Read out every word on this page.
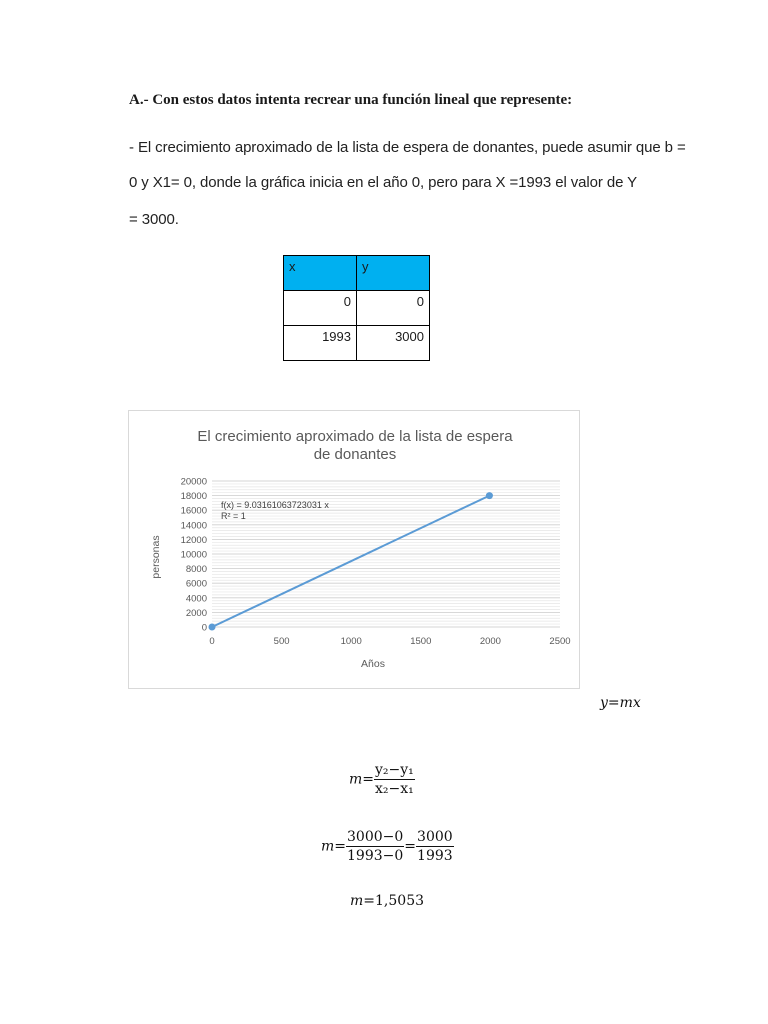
A.- Con estos datos intenta recrear una función lineal que represente:
- El crecimiento aproximado de la lista de espera de donantes, puede asumir que b =
0 y X1= 0, donde la gráfica inicia en el año 0, pero para X =1993 el valor de Y
= 3000.
x	y
0	0
1993	3000
El crecimiento aproximado de la lista de espera
de donantes
0
2000
4000
6000
8000
10000
12000
14000
16000
18000
20000
0	500	1000	1500	2000	2500
Años
personas
f(x) = 9.03161063723031 x
R² = 1
y=mx
$m= \frac{\text{y₂−y₁}}{\text{x₂−x₁}}$
$m= \frac{3000-0}{1993-0} = \frac{3000}{1993}$
m=1,5053
